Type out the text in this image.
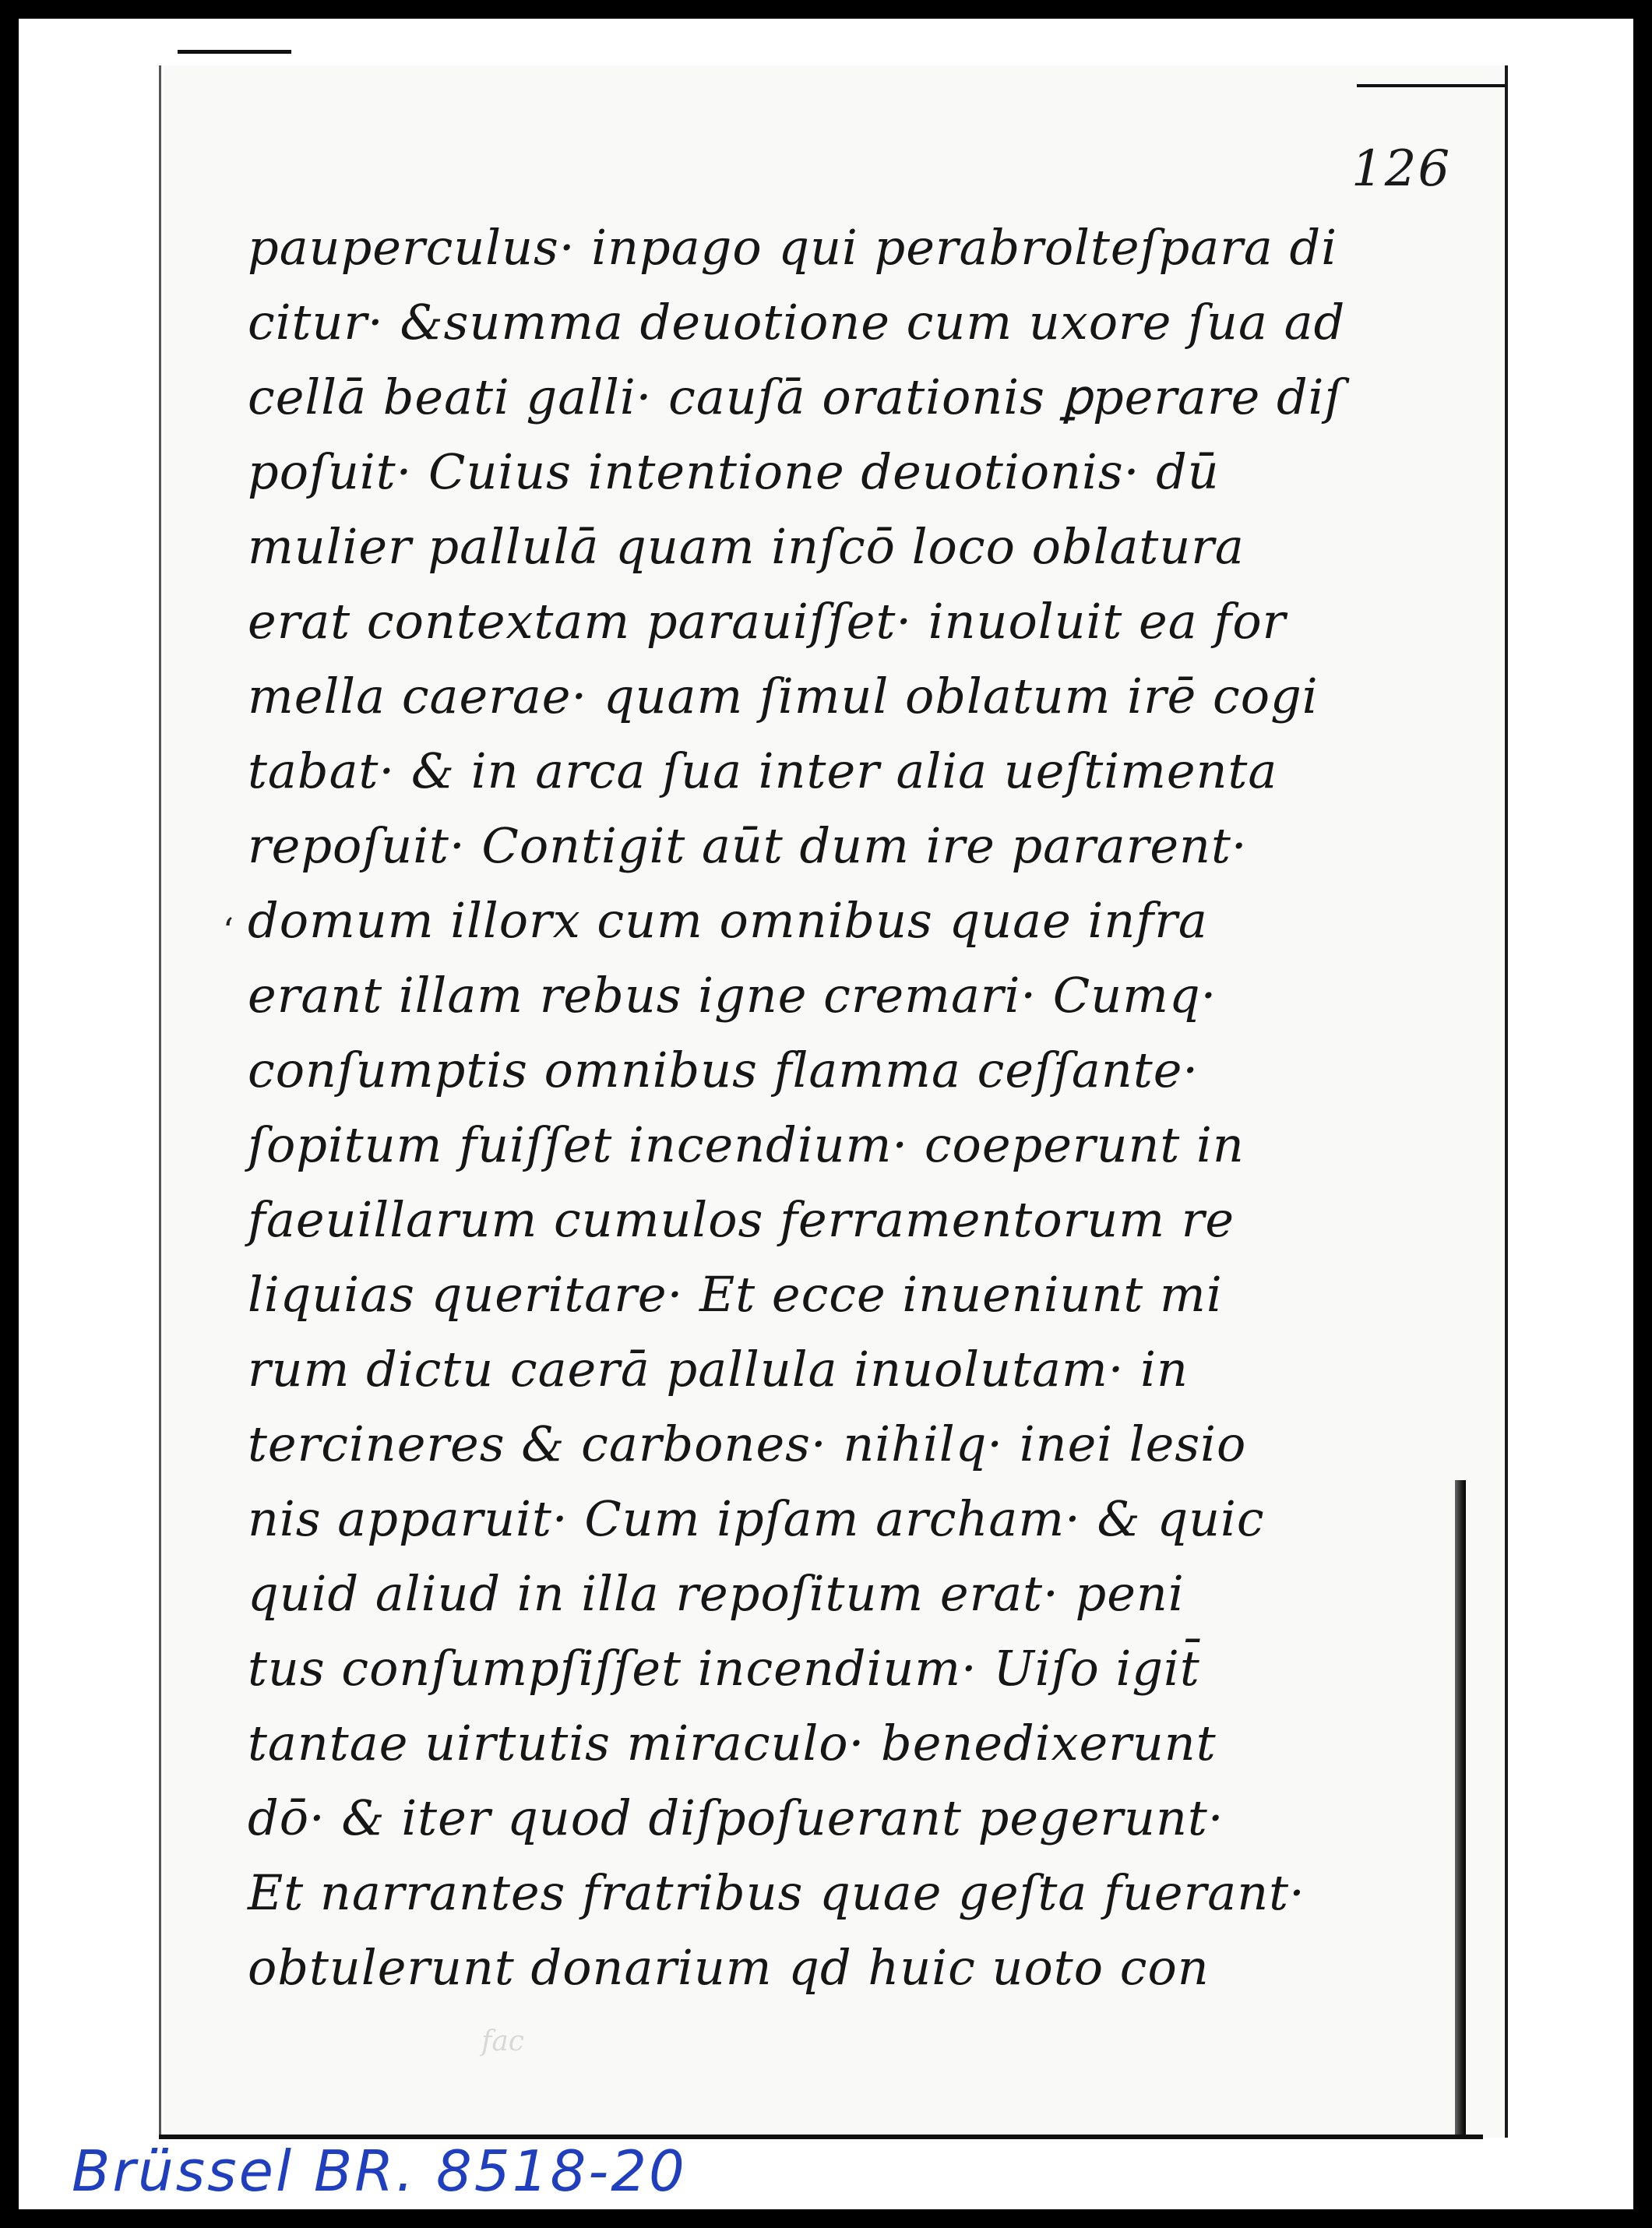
126
ʻ
pauperculus· inpago qui perabrolteſpara di
citur· &summa deuotione cum uxore ſua ad
cellā beati galli· cauſā orationis ꝑperare diſ
poſuit· Cuius intentione deuotionis· dū
mulier pallulā quam inſcō loco oblatura
erat contextam parauiſſet· inuoluit ea for
mella caerae· quam ſimul oblatum irē cogi
tabat· & in arca ſua inter alia ueſtimenta
repoſuit· Contigit aūt dum ire pararent·
domum illorx cum omnibus quae infra
erant illam rebus igne cremari· Cumq·
conſumptis omnibus flamma ceſſante·
ſopitum fuiſſet incendium· coeperunt in
faeuillarum cumulos ferramentorum re
liquias queritare· Et ecce inueniunt mi
rum dictu caerā pallula inuolutam· in
tercineres & carbones· nihilq· inei lesio
nis apparuit· Cum ipſam archam· & quic
quid aliud in illa repoſitum erat· peni
tus conſumpſiſſet incendium· Uiſo igit̄
tantae uirtutis miraculo· benedixerunt
dō· & iter quod diſpoſuerant pegerunt·
Et narrantes fratribus quae geſta fuerant·
obtulerunt donarium qd huic uoto con
fac
Brüssel BR. 8518-20
